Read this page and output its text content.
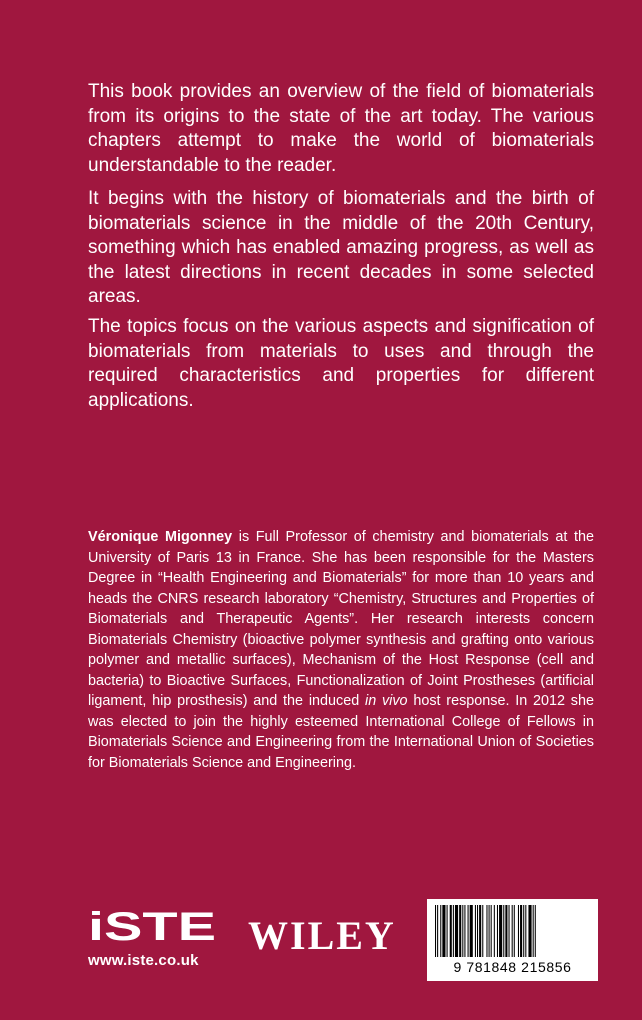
This book provides an overview of the field of biomaterials from its origins to the state of the art today. The various chapters attempt to make the world of biomaterials understandable to the reader.

It begins with the history of biomaterials and the birth of biomaterials science in the middle of the 20th Century, something which has enabled amazing progress, as well as the latest directions in recent decades in some selected areas.

The topics focus on the various aspects and signification of biomaterials from materials to uses and through the required characteristics and properties for different applications.

Véronique Migonney is Full Professor of chemistry and biomaterials at the University of Paris 13 in France. She has been responsible for the Masters Degree in “Health Engineering and Biomaterials” for more than 10 years and heads the CNRS research laboratory “Chemistry, Structures and Properties of Biomaterials and Therapeutic Agents”. Her research interests concern Biomaterials Chemistry (bioactive polymer synthesis and grafting onto various polymer and metallic surfaces), Mechanism of the Host Response (cell and bacteria) to Bioactive Surfaces, Functionalization of Joint Prostheses (artificial ligament, hip prosthesis) and the induced in vivo host response. In 2012 she was elected to join the highly esteemed International College of Fellows in Biomaterials Science and Engineering from the International Union of Societies for Biomaterials Science and Engineering.

iSTE
www.iste.co.uk
WILEY
9 781848 215856
